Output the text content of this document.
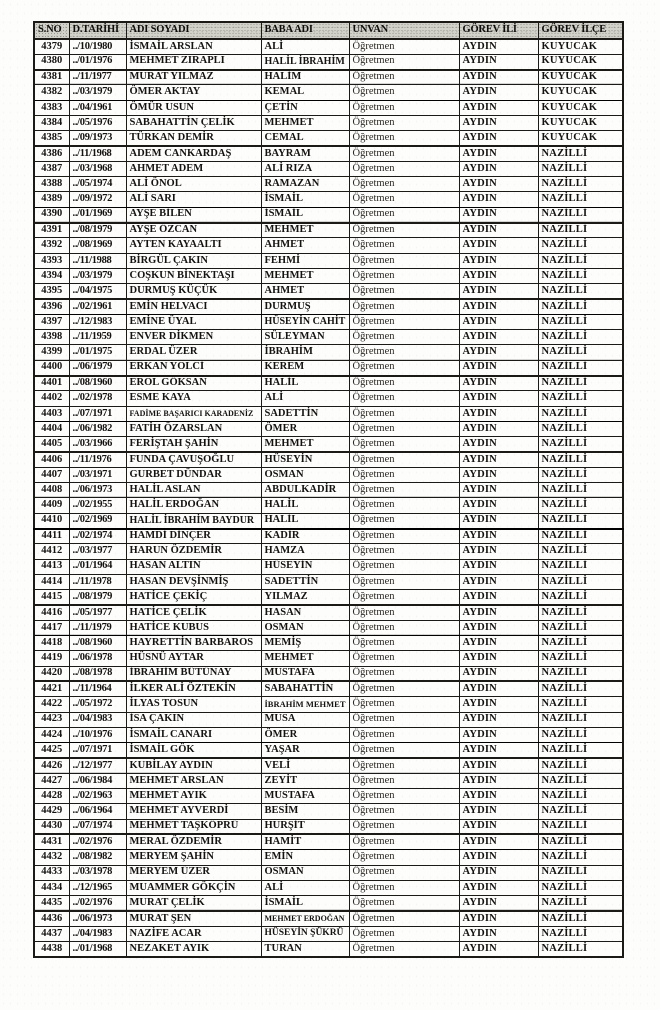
S.NO	D.TARİHİ	ADI SOYADI	BABA ADI	UNVAN	GÖREV İLİ	GÖREV İLÇE
4379	../10/1980	İSMAİL ARSLAN	ALİ	Öğretmen	AYDIN	KUYUCAK
4380	../01/1976	MEHMET ZIRAPLI	HALİL İBRAHİM	Öğretmen	AYDIN	KUYUCAK
4381	../11/1977	MURAT YILMAZ	HALİM	Öğretmen	AYDIN	KUYUCAK
4382	../03/1979	ÖMER AKTAY	KEMAL	Öğretmen	AYDIN	KUYUCAK
4383	../04/1961	ÖMÜR USUN	ÇETİN	Öğretmen	AYDIN	KUYUCAK
4384	../05/1976	SABAHATTİN ÇELİK	MEHMET	Öğretmen	AYDIN	KUYUCAK
4385	../09/1973	TÜRKAN DEMİR	CEMAL	Öğretmen	AYDIN	KUYUCAK
4386	../11/1968	ADEM CANKARDAŞ	BAYRAM	Öğretmen	AYDIN	NAZİLLİ
4387	../03/1968	AHMET ADEM	ALİ RIZA	Öğretmen	AYDIN	NAZİLLİ
4388	../05/1974	ALİ ÖNOL	RAMAZAN	Öğretmen	AYDIN	NAZİLLİ
4389	../09/1972	ALİ SARI	İSMAİL	Öğretmen	AYDIN	NAZİLLİ
4390	../01/1969	AYŞE BİLEN	İSMAİL	Öğretmen	AYDIN	NAZİLLİ
4391	../08/1979	AYŞE ÖZCAN	MEHMET	Öğretmen	AYDIN	NAZİLLİ
4392	../08/1969	AYTEN KAYAALTI	AHMET	Öğretmen	AYDIN	NAZİLLİ
4393	../11/1988	BİRGÜL ÇAKIN	FEHMİ	Öğretmen	AYDIN	NAZİLLİ
4394	../03/1979	COŞKUN BİNEKTAŞI	MEHMET	Öğretmen	AYDIN	NAZİLLİ
4395	../04/1975	DURMUŞ KÜÇÜK	AHMET	Öğretmen	AYDIN	NAZİLLİ
4396	../02/1961	EMİN HELVACI	DURMUŞ	Öğretmen	AYDIN	NAZİLLİ
4397	../12/1983	EMİNE ÜYAL	HÜSEYİN CAHİT	Öğretmen	AYDIN	NAZİLLİ
4398	../11/1959	ENVER DİKMEN	SÜLEYMAN	Öğretmen	AYDIN	NAZİLLİ
4399	../01/1975	ERDAL ÜZER	İBRAHİM	Öğretmen	AYDIN	NAZİLLİ
4400	../06/1979	ERKAN YOLCİ	KEREM	Öğretmen	AYDIN	NAZİLLİ
4401	../08/1960	EROL GÖKSAN	HALİL	Öğretmen	AYDIN	NAZİLLİ
4402	../02/1978	ESME KAYA	ALİ	Öğretmen	AYDIN	NAZİLLİ
4403	../07/1971	FADİME BAŞARICI KARADENİZ	SADETTİN	Öğretmen	AYDIN	NAZİLLİ
4404	../06/1982	FATİH ÖZARSLAN	ÖMER	Öğretmen	AYDIN	NAZİLLİ
4405	../03/1966	FERİŞTAH ŞAHİN	MEHMET	Öğretmen	AYDIN	NAZİLLİ
4406	../11/1976	FUNDA ÇAVUŞOĞLU	HÜSEYİN	Öğretmen	AYDIN	NAZİLLİ
4407	../03/1971	GURBET DÜNDAR	OSMAN	Öğretmen	AYDIN	NAZİLLİ
4408	../06/1973	HALİL ASLAN	ABDULKADİR	Öğretmen	AYDIN	NAZİLLİ
4409	../02/1955	HALİL ERDOĞAN	HALİL	Öğretmen	AYDIN	NAZİLLİ
4410	../02/1969	HALİL İBRAHİM BAYDUR	HALİL	Öğretmen	AYDIN	NAZİLLİ
4411	../02/1974	HAMDİ DİNÇER	KADİR	Öğretmen	AYDIN	NAZİLLİ
4412	../03/1977	HARUN ÖZDEMİR	HAMZA	Öğretmen	AYDIN	NAZİLLİ
4413	../01/1964	HASAN ALTIN	HÜSEYİN	Öğretmen	AYDIN	NAZİLLİ
4414	../11/1978	HASAN DEVŞİNMİŞ	SADETTİN	Öğretmen	AYDIN	NAZİLLİ
4415	../08/1979	HATİCE ÇEKİÇ	YILMAZ	Öğretmen	AYDIN	NAZİLLİ
4416	../05/1977	HATİCE ÇELİK	HASAN	Öğretmen	AYDIN	NAZİLLİ
4417	../11/1979	HATİCE KUBUS	OSMAN	Öğretmen	AYDIN	NAZİLLİ
4418	../08/1960	HAYRETTİN BARBAROS	MEMİŞ	Öğretmen	AYDIN	NAZİLLİ
4419	../06/1978	HÜSNÜ AYTAR	MEHMET	Öğretmen	AYDIN	NAZİLLİ
4420	../08/1978	İBRAHİM BÜTÜNAY	MUSTAFA	Öğretmen	AYDIN	NAZİLLİ
4421	../11/1964	İLKER ALİ ÖZTEKİN	SABAHATTİN	Öğretmen	AYDIN	NAZİLLİ
4422	../05/1972	İLYAS TOSUN	İBRAHİM MEHMET	Öğretmen	AYDIN	NAZİLLİ
4423	../04/1983	İSA ÇAKIN	MUSA	Öğretmen	AYDIN	NAZİLLİ
4424	../10/1976	İSMAİL CANARI	ÖMER	Öğretmen	AYDIN	NAZİLLİ
4425	../07/1971	İSMAİL GÖK	YAŞAR	Öğretmen	AYDIN	NAZİLLİ
4426	../12/1977	KUBİLAY AYDIN	VELİ	Öğretmen	AYDIN	NAZİLLİ
4427	../06/1984	MEHMET ARSLAN	ZEYİT	Öğretmen	AYDIN	NAZİLLİ
4428	../02/1963	MEHMET AYIK	MUSTAFA	Öğretmen	AYDIN	NAZİLLİ
4429	../06/1964	MEHMET AYVERDİ	BESİM	Öğretmen	AYDIN	NAZİLLİ
4430	../07/1974	MEHMET TAŞKÖPRÜ	HURŞİT	Öğretmen	AYDIN	NAZİLLİ
4431	../02/1976	MERAL ÖZDEMİR	HAMİT	Öğretmen	AYDIN	NAZİLLİ
4432	../08/1982	MERYEM ŞAHİN	EMİN	Öğretmen	AYDIN	NAZİLLİ
4433	../03/1978	MERYEM ÜZER	OSMAN	Öğretmen	AYDIN	NAZİLLİ
4434	../12/1965	MUAMMER GÖKÇİN	ALİ	Öğretmen	AYDIN	NAZİLLİ
4435	../02/1976	MURAT ÇELİK	İSMAİL	Öğretmen	AYDIN	NAZİLLİ
4436	../06/1973	MURAT ŞEN	MEHMET ERDOĞAN	Öğretmen	AYDIN	NAZİLLİ
4437	../04/1983	NAZİFE ACAR	HÜSEYİN ŞÜKRÜ	Öğretmen	AYDIN	NAZİLLİ
4438	../01/1968	NEZAKET AYIK	TURAN	Öğretmen	AYDIN	NAZİLLİ
